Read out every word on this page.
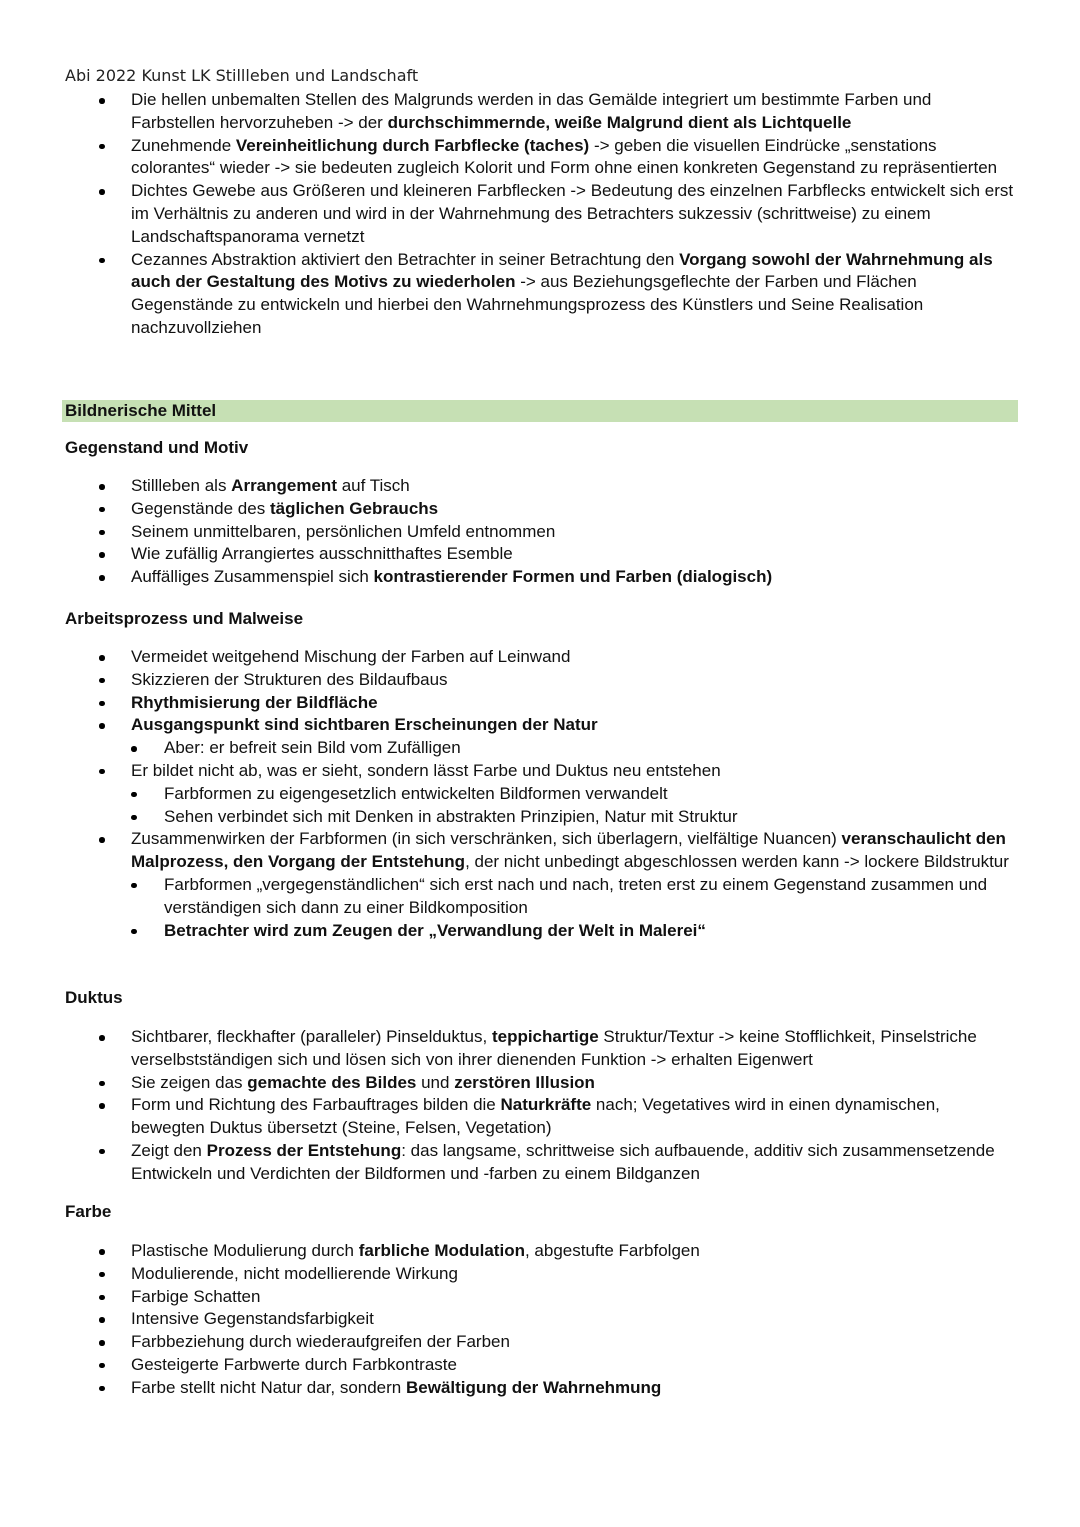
Abi 2022 Kunst LK Stillleben und Landschaft
Die hellen unbemalten Stellen des Malgrunds werden in das Gemälde integriert um bestimmte Farben und Farbstellen hervorzuheben -> der durchschimmernde, weiße Malgrund dient als Lichtquelle
Zunehmende Vereinheitlichung durch Farbflecke (taches) -> geben die visuellen Eindrücke „senstations colorantes“ wieder -> sie bedeuten zugleich Kolorit und Form ohne einen konkreten Gegenstand zu repräsentierten
Dichtes Gewebe aus Größeren und kleineren Farbflecken -> Bedeutung des einzelnen Farbflecks entwickelt sich erst im Verhältnis zu anderen und wird in der Wahrnehmung des Betrachters sukzessiv (schrittweise) zu einem Landschaftspanorama vernetzt
Cezannes Abstraktion aktiviert den Betrachter in seiner Betrachtung den Vorgang sowohl der Wahrnehmung als auch der Gestaltung des Motivs zu wiederholen -> aus Beziehungsgeflechte der Farben und Flächen Gegenstände zu entwickeln und hierbei den Wahrnehmungsprozess des Künstlers und Seine Realisation nachzuvollziehen
Bildnerische Mittel
Gegenstand und Motiv
Stillleben als Arrangement auf Tisch
Gegenstände des täglichen Gebrauchs
Seinem unmittelbaren, persönlichen Umfeld entnommen
Wie zufällig Arrangiertes ausschnitthaftes Esemble
Auffälliges Zusammenspiel sich kontrastierender Formen und Farben (dialogisch)
Arbeitsprozess und Malweise
Vermeidet weitgehend Mischung der Farben auf Leinwand
Skizzieren der Strukturen des Bildaufbaus
Rhythmisierung der Bildfläche
Ausgangspunkt sind sichtbaren Erscheinungen der Natur
Aber: er befreit sein Bild vom Zufälligen
Er bildet nicht ab, was er sieht, sondern lässt Farbe und Duktus neu entstehen
Farbformen zu eigengesetzlich entwickelten Bildformen verwandelt
Sehen verbindet sich mit Denken in abstrakten Prinzipien, Natur mit Struktur
Zusammenwirken der Farbformen (in sich verschränken, sich überlagern, vielfältige Nuancen) veranschaulicht den Malprozess, den Vorgang der Entstehung, der nicht unbedingt abgeschlossen werden kann -> lockere Bildstruktur
Farbformen „vergegenständlichen“ sich erst nach und nach, treten erst zu einem Gegenstand zusammen und verständigen sich dann zu einer Bildkomposition
Betrachter wird zum Zeugen der „Verwandlung der Welt in Malerei“
Duktus
Sichtbarer, fleckhafter (paralleler) Pinselduktus, teppichartige Struktur/Textur -> keine Stofflichkeit, Pinselstriche verselbstständigen sich und lösen sich von ihrer dienenden Funktion -> erhalten Eigenwert
Sie zeigen das gemachte des Bildes und zerstören Illusion
Form und Richtung des Farbauftrages bilden die Naturkräfte nach; Vegetatives wird in einen dynamischen, bewegten Duktus übersetzt (Steine, Felsen, Vegetation)
Zeigt den Prozess der Entstehung: das langsame, schrittweise sich aufbauende, additiv sich zusammensetzende Entwickeln und Verdichten der Bildformen und -farben zu einem Bildganzen
Farbe
Plastische Modulierung durch farbliche Modulation, abgestufte Farbfolgen
Modulierende, nicht modellierende Wirkung
Farbige Schatten
Intensive Gegenstandsfarbigkeit
Farbbeziehung durch wiederaufgreifen der Farben
Gesteigerte Farbwerte durch Farbkontraste
Farbe stellt nicht Natur dar, sondern Bewältigung der Wahrnehmung
